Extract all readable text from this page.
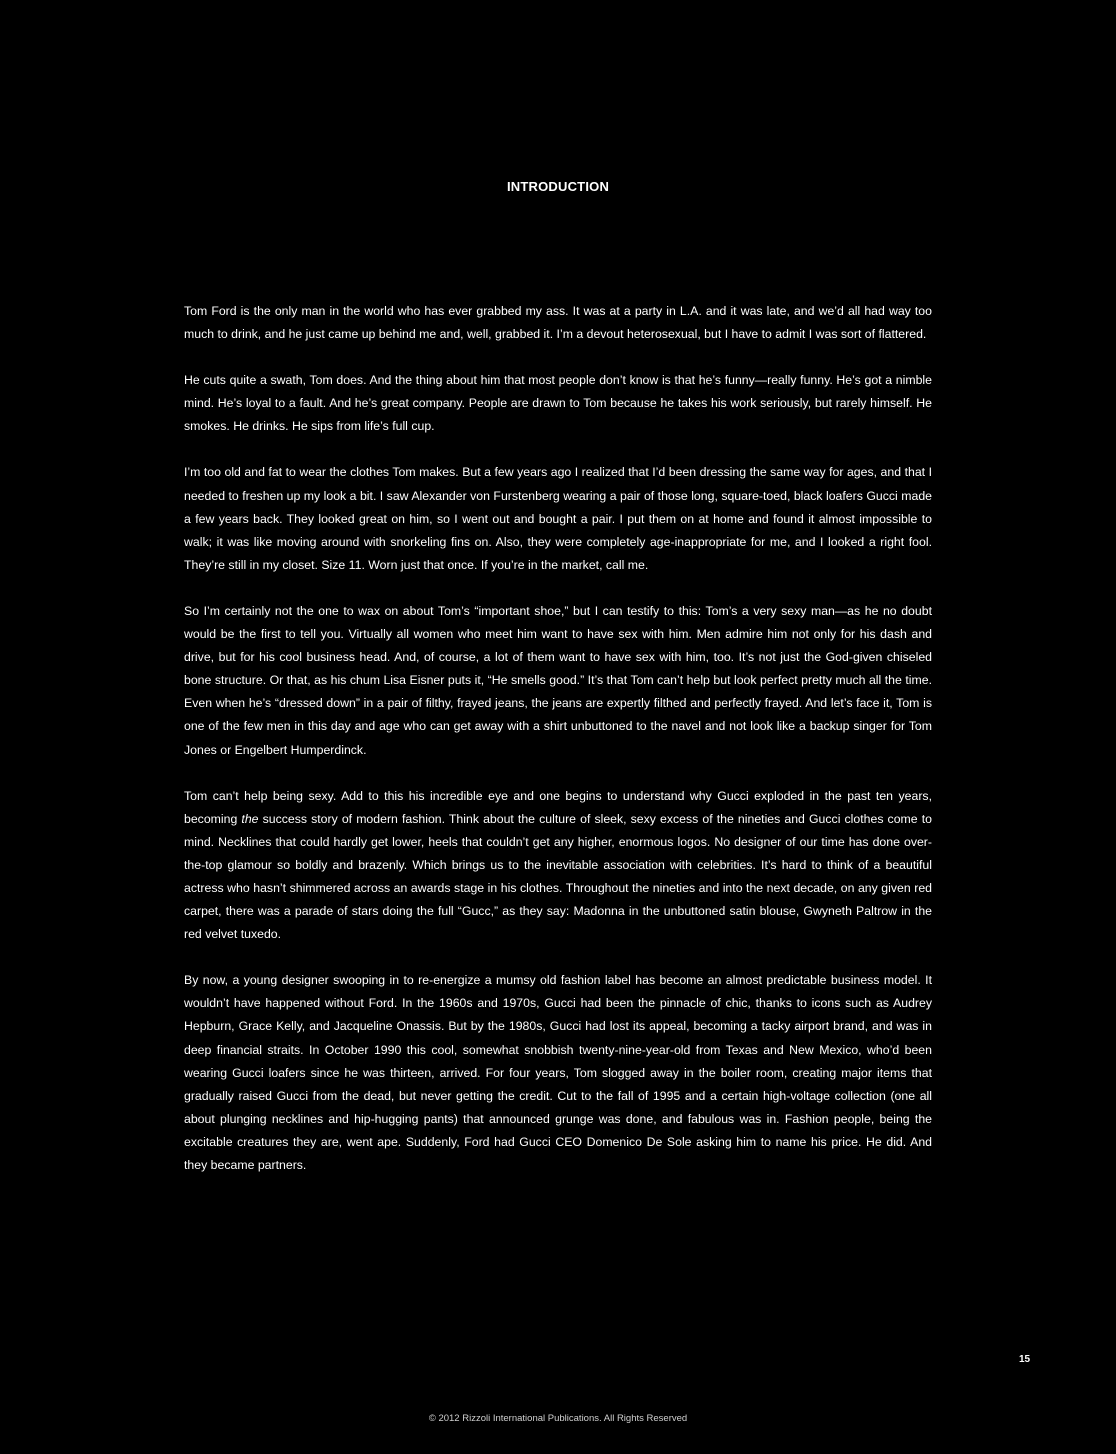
INTRODUCTION

Tom Ford is the only man in the world who has ever grabbed my ass. It was at a party in L.A. and it was late, and we’d all had way too much to drink, and he just came up behind me and, well, grabbed it. I’m a devout heterosexual, but I have to admit I was sort of flattered.

He cuts quite a swath, Tom does. And the thing about him that most people don’t know is that he’s funny—really funny. He’s got a nimble mind. He’s loyal to a fault. And he’s great company. People are drawn to Tom because he takes his work seriously, but rarely himself. He smokes. He drinks. He sips from life’s full cup.

I’m too old and fat to wear the clothes Tom makes. But a few years ago I realized that I’d been dressing the same way for ages, and that I needed to freshen up my look a bit. I saw Alexander von Furstenberg wearing a pair of those long, square-toed, black loafers Gucci made a few years back. They looked great on him, so I went out and bought a pair. I put them on at home and found it almost impossible to walk; it was like moving around with snorkeling fins on. Also, they were completely age-inappropriate for me, and I looked a right fool. They’re still in my closet. Size 11. Worn just that once. If you’re in the market, call me.

So I’m certainly not the one to wax on about Tom’s “important shoe,” but I can testify to this: Tom’s a very sexy man—as he no doubt would be the first to tell you. Virtually all women who meet him want to have sex with him. Men admire him not only for his dash and drive, but for his cool business head. And, of course, a lot of them want to have sex with him, too. It’s not just the God-given chiseled bone structure. Or that, as his chum Lisa Eisner puts it, “He smells good.” It’s that Tom can’t help but look perfect pretty much all the time. Even when he’s “dressed down” in a pair of filthy, frayed jeans, the jeans are expertly filthed and perfectly frayed. And let’s face it, Tom is one of the few men in this day and age who can get away with a shirt unbuttoned to the navel and not look like a backup singer for Tom Jones or Engelbert Humperdinck.

Tom can’t help being sexy. Add to this his incredible eye and one begins to understand why Gucci exploded in the past ten years, becoming the success story of modern fashion. Think about the culture of sleek, sexy excess of the nineties and Gucci clothes come to mind. Necklines that could hardly get lower, heels that couldn’t get any higher, enormous logos. No designer of our time has done over-the-top glamour so boldly and brazenly. Which brings us to the inevitable association with celebrities. It’s hard to think of a beautiful actress who hasn’t shimmered across an awards stage in his clothes. Throughout the nineties and into the next decade, on any given red carpet, there was a parade of stars doing the full “Gucc,” as they say: Madonna in the unbuttoned satin blouse, Gwyneth Paltrow in the red velvet tuxedo.

By now, a young designer swooping in to re-energize a mumsy old fashion label has become an almost predictable business model. It wouldn’t have happened without Ford. In the 1960s and 1970s, Gucci had been the pinnacle of chic, thanks to icons such as Audrey Hepburn, Grace Kelly, and Jacqueline Onassis. But by the 1980s, Gucci had lost its appeal, becoming a tacky airport brand, and was in deep financial straits. In October 1990 this cool, somewhat snobbish twenty-nine-year-old from Texas and New Mexico, who’d been wearing Gucci loafers since he was thirteen, arrived. For four years, Tom slogged away in the boiler room, creating major items that gradually raised Gucci from the dead, but never getting the credit. Cut to the fall of 1995 and a certain high-voltage collection (one all about plunging necklines and hip-hugging pants) that announced grunge was done, and fabulous was in. Fashion people, being the excitable creatures they are, went ape. Suddenly, Ford had Gucci CEO Domenico De Sole asking him to name his price. He did. And they became partners.

15
© 2012 Rizzoli International Publications. All Rights Reserved
